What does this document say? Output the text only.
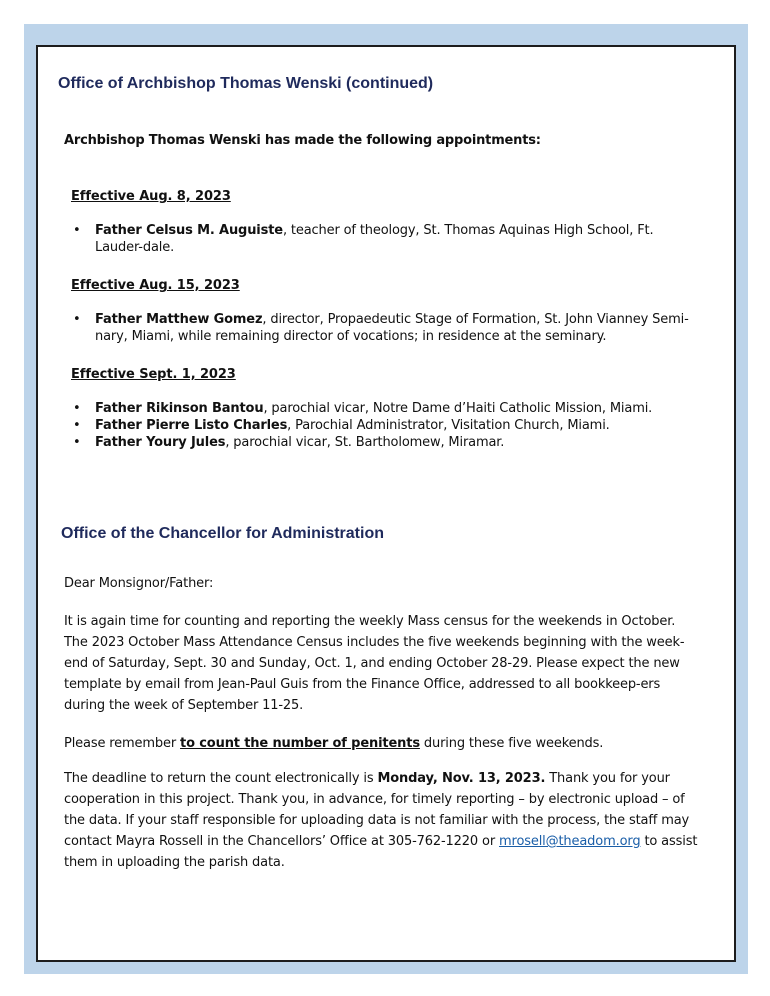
Office of Archbishop Thomas Wenski (continued)

Archbishop Thomas Wenski has made the following appointments:

Effective Aug. 8, 2023

• Father Celsus M. Auguiste, teacher of theology, St. Thomas Aquinas High School, Ft. Lauder-dale.

Effective Aug. 15, 2023

• Father Matthew Gomez, director, Propaedeutic Stage of Formation, St. John Vianney Semi-nary, Miami, while remaining director of vocations; in residence at the seminary.

Effective Sept. 1, 2023

• Father Rikinson Bantou, parochial vicar, Notre Dame d’Haiti Catholic Mission, Miami.
• Father Pierre Listo Charles, Parochial Administrator, Visitation Church, Miami.
• Father Youry Jules, parochial vicar, St. Bartholomew, Miramar.
Office of the Chancellor for Administration

Dear Monsignor/Father:

It is again time for counting and reporting the weekly Mass census for the weekends in October. The 2023 October Mass Attendance Census includes the five weekends beginning with the week-end of Saturday, Sept. 30 and Sunday, Oct. 1, and ending October 28-29. Please expect the new template by email from Jean-Paul Guis from the Finance Office, addressed to all bookkeep-ers during the week of September 11-25.

Please remember to count the number of penitents during these five weekends.

The deadline to return the count electronically is Monday, Nov. 13, 2023. Thank you for your cooperation in this project. Thank you, in advance, for timely reporting – by electronic upload – of the data. If your staff responsible for uploading data is not familiar with the process, the staff may contact Mayra Rossell in the Chancellors’ Office at 305-762-1220 or mrosell@theadom.org to assist them in uploading the parish data.
